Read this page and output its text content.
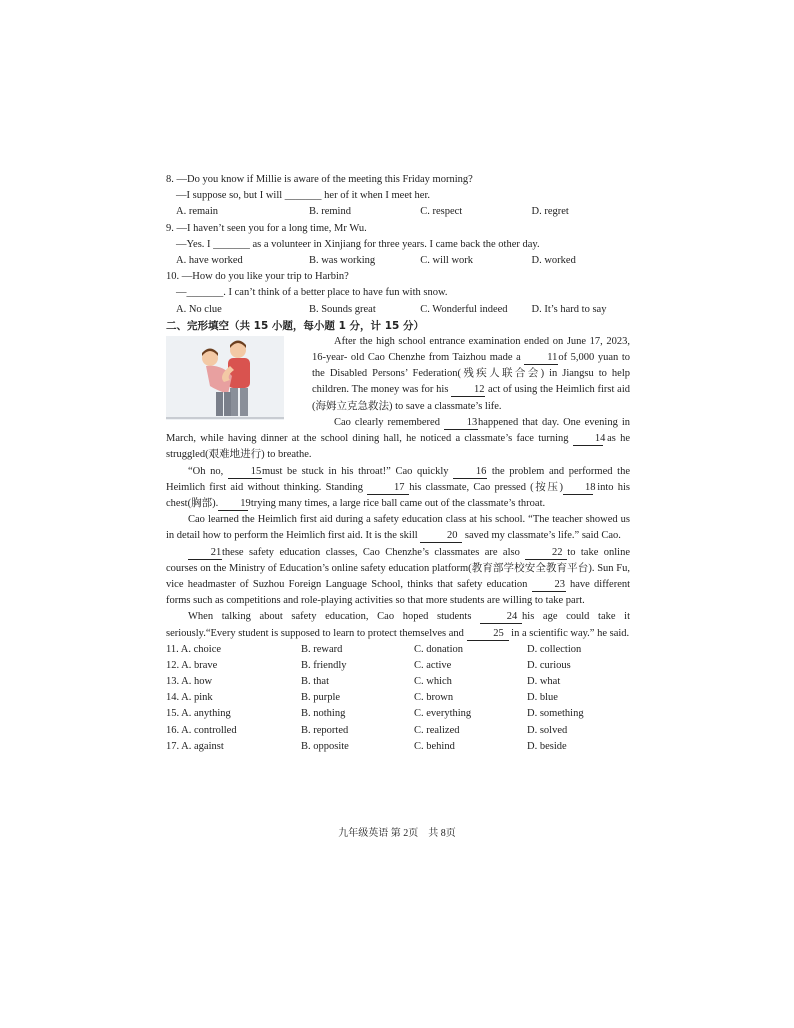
8. —Do you know if Millie is aware of the meeting this Friday morning?
—I suppose so, but I will _______ her of it when I meet her.
A. remain	B. remind	C. respect	D. regret
9. —I haven’t seen you for a long time, Mr Wu.
—Yes. I _______ as a volunteer in Xinjiang for three years. I came back the other day.
A. have worked	B. was working	C. will work	D. worked
10. —How do you like your trip to Harbin?
—_______. I can’t think of a better place to have fun with snow.
A. No clue	B. Sounds great	C. Wonderful indeed	D. It’s hard to say
二、完形填空（共 15 小题，每小题 1 分，计 15 分）
After the high school entrance examination ended on June 17, 2023, 16-year- old Cao Chenzhe from Taizhou made a	11of 5,000 yuan to the Disabled Persons’ Federation(残疾人联合会) in Jiangsu to help children. The money was for his 12 act of using the Heimlich first aid (海姆立克急救法) to save a classmate’s life.
Cao clearly remembered	13happened that day. One evening in March, while having dinner at the school dining hall, he noticed a classmate’s face turning	14 as he struggled(艰难地进行) to breathe.
“Oh no,	15must be stuck in his throat!” Cao quickly	16 the problem and performed the Heimlich first aid without thinking. Standing	17 his classmate, Cao pressed (按压) 18 into his chest(胸部). 19 trying many times, a large rice ball came out of the classmate’s throat.
Cao learned the Heimlich first aid during a safety education class at his school. “The teacher showed us in detail how to perform the Heimlich first aid. It is the skill	20 saved my classmate’s life.” said Cao.
21these safety education classes, Cao Chenzhe’s classmates are also	22 to take online courses on the Ministry of Education’s online safety education platform(教育部学校安全教育平台). Sun Fu, vice headmaster of Suzhou Foreign Language School, thinks that safety education	23 have different forms such as competitions and role-playing activities so that more students are willing to take part.
When talking about safety education, Cao hoped students	24 his age could take it seriously.“Every student is supposed to learn to protect themselves and	25 in a scientific way.” he said.
11. A. choice	B. reward	C. donation	D. collection
12. A. brave	B. friendly	C. active	D. curious
13. A. how	B. that	C. which	D. what
14. A. pink	B. purple	C. brown	D. blue
15. A. anything	B. nothing	C. everything	D. something
16. A. controlled	B. reported	C. realized	D. solved
17. A. against	B. opposite	C. behind	D. beside
九年级英语 第 2页　共 8页
